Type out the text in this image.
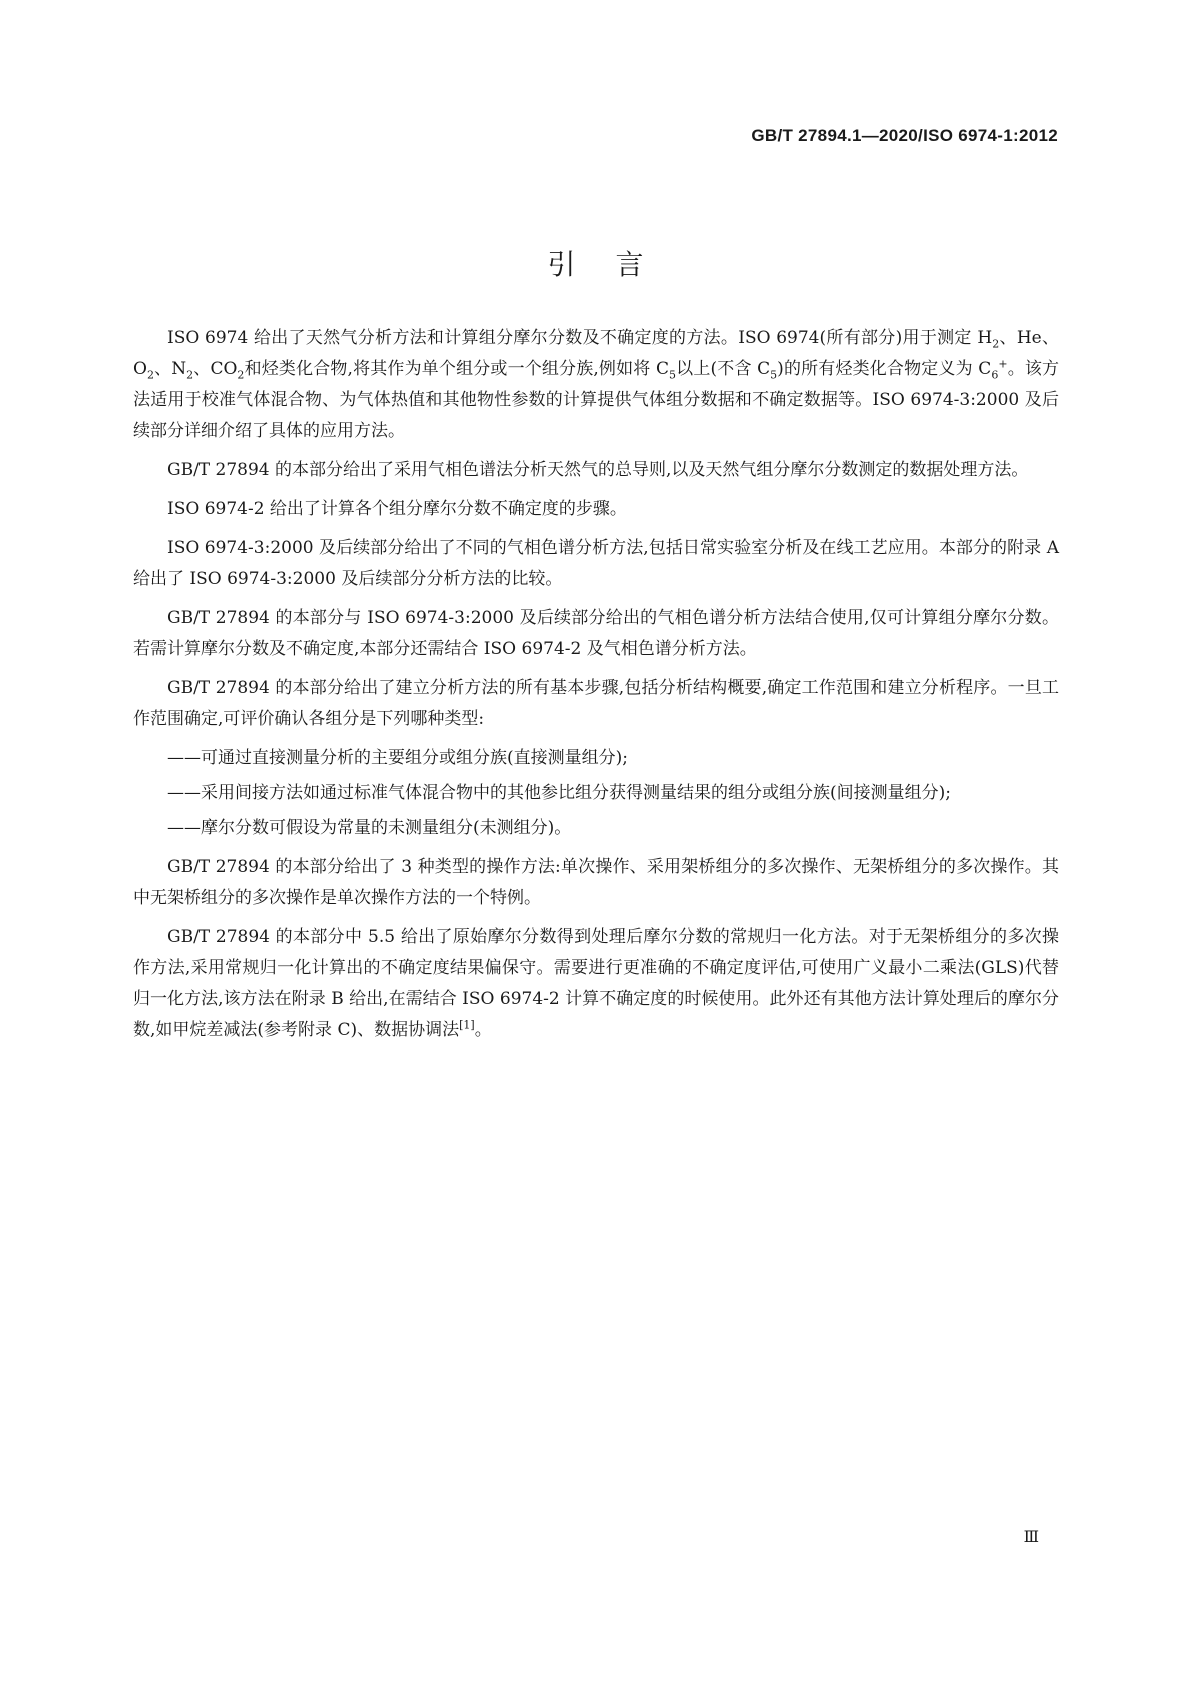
GB/T 27894.1—2020/ISO 6974-1:2012
引言

ISO 6974 给出了天然气分析方法和计算组分摩尔分数及不确定度的方法。ISO 6974(所有部分)用于测定 $H_2$、He、$O_2$、$N_2$、$CO_2$和烃类化合物,将其作为单个组分或一个组分族,例如将 $C_5$以上(不含 $C_5$)的所有烃类化合物定义为 $C_6^+$。该方法适用于校准气体混合物、为气体热值和其他物性参数的计算提供气体组分数据和不确定数据等。ISO 6974-3:2000 及后续部分详细介绍了具体的应用方法。

GB/T 27894 的本部分给出了采用气相色谱法分析天然气的总导则,以及天然气组分摩尔分数测定的数据处理方法。

ISO 6974-2 给出了计算各个组分摩尔分数不确定度的步骤。

ISO 6974-3:2000 及后续部分给出了不同的气相色谱分析方法,包括日常实验室分析及在线工艺应用。本部分的附录 A 给出了 ISO 6974-3:2000 及后续部分分析方法的比较。

GB/T 27894 的本部分与 ISO 6974-3:2000 及后续部分给出的气相色谱分析方法结合使用,仅可计算组分摩尔分数。若需计算摩尔分数及不确定度,本部分还需结合 ISO 6974-2 及气相色谱分析方法。

GB/T 27894 的本部分给出了建立分析方法的所有基本步骤,包括分析结构概要,确定工作范围和建立分析程序。一旦工作范围确定,可评价确认各组分是下列哪种类型:

——可通过直接测量分析的主要组分或组分族(直接测量组分);
——采用间接方法如通过标准气体混合物中的其他参比组分获得测量结果的组分或组分族(间接测量组分);
——摩尔分数可假设为常量的未测量组分(未测组分)。

GB/T 27894 的本部分给出了 3 种类型的操作方法:单次操作、采用架桥组分的多次操作、无架桥组分的多次操作。其中无架桥组分的多次操作是单次操作方法的一个特例。

GB/T 27894 的本部分中 5.5 给出了原始摩尔分数得到处理后摩尔分数的常规归一化方法。对于无架桥组分的多次操作方法,采用常规归一化计算出的不确定度结果偏保守。需要进行更准确的不确定度评估,可使用广义最小二乘法(GLS)代替归一化方法,该方法在附录 B 给出,在需结合 ISO 6974-2 计算不确定度的时候使用。此外还有其他方法计算处理后的摩尔分数,如甲烷差减法(参考附录 C)、数据协调法[1]。

Ⅲ
